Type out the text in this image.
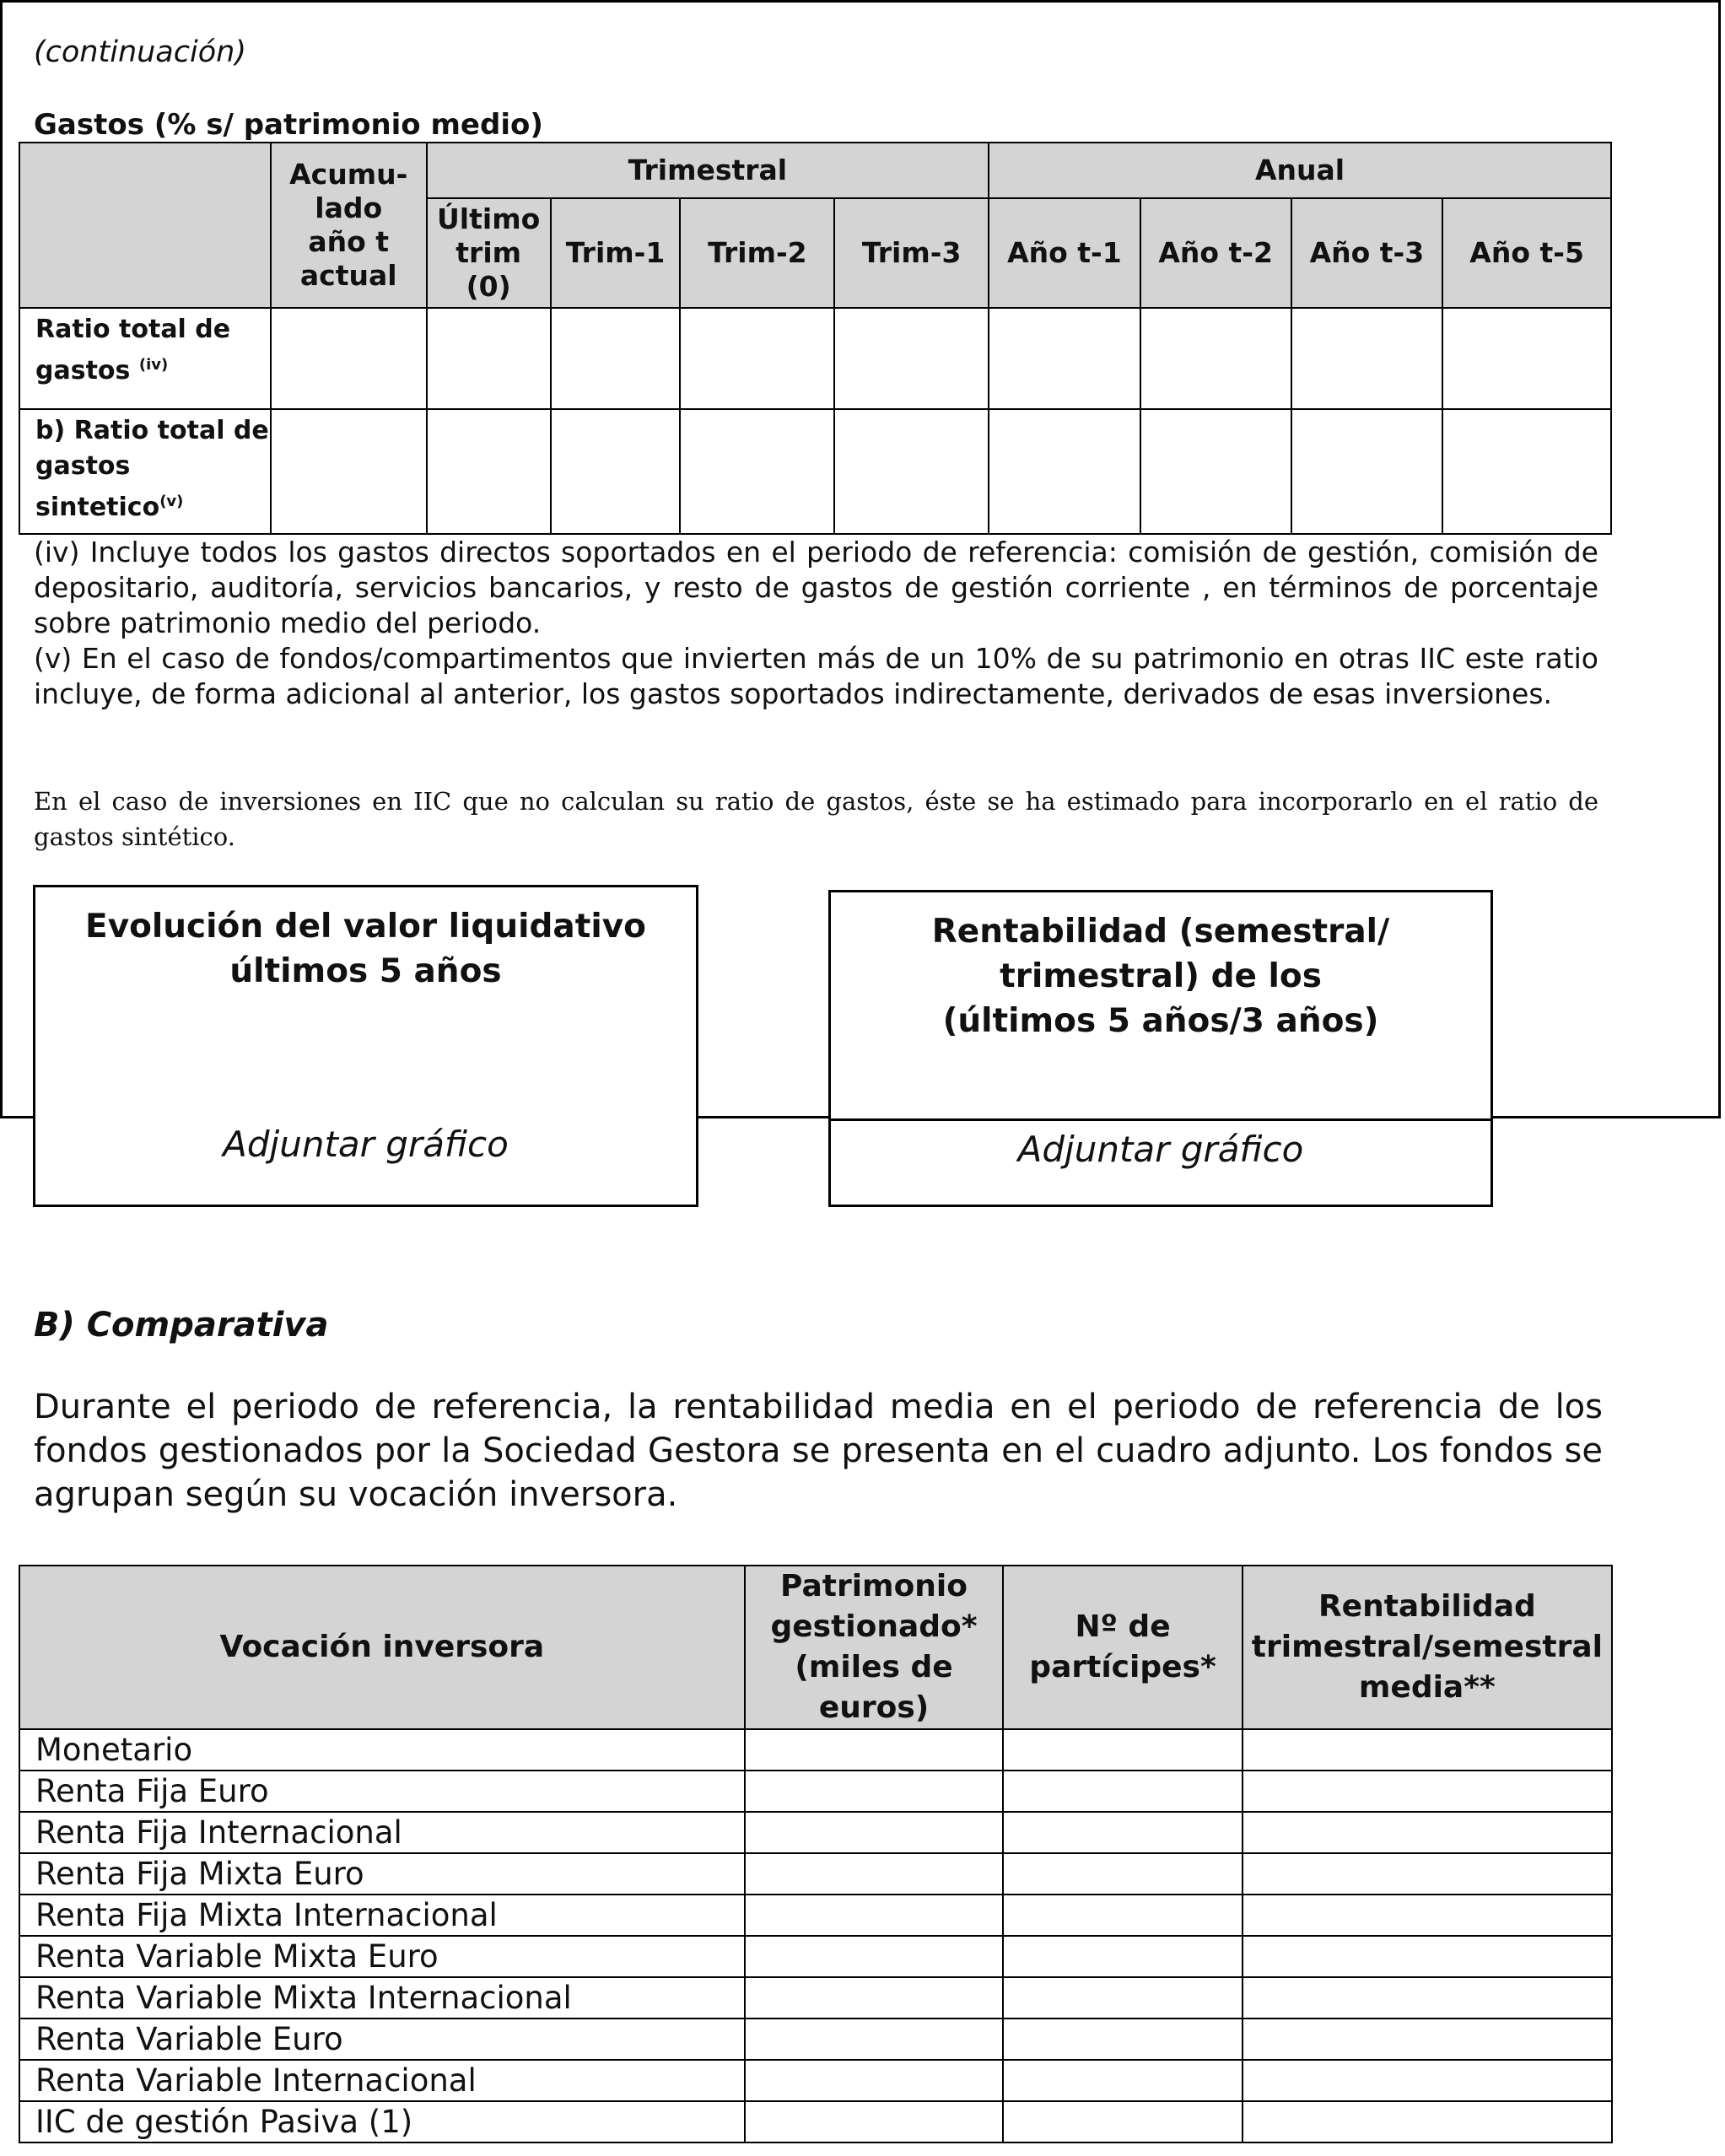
(continuación)
Gastos (% s/ patrimonio medio)
	Acumu-lado año t actual	Trimestral				Anual			
		Último trim (0)	Trim-1	Trim-2	Trim-3	Año t-1	Año t-2	Año t-3	Año t-5
Ratio total de gastos $^{(iv)}$									
b) Ratio total de gastos sintetico$^{(v)}$									

(iv) Incluye todos los gastos directos soportados en el periodo de referencia: comisión de gestión, comisión de depositario, auditoría, servicios bancarios, y resto de gastos de gestión corriente , en términos de porcentaje sobre patrimonio medio del periodo.

(v) En el caso de fondos/compartimentos que invierten más de un 10% de su patrimonio en otras IIC este ratio incluye, de forma adicional al anterior, los gastos soportados indirectamente, derivados de esas inversiones.

En el caso de inversiones en IIC que no calculan su ratio de gastos, éste se ha estimado para incorporarlo en el ratio de gastos sintético.
Evolución del valor liquidativo
últimos 5 años
Adjuntar gráfico
Rentabilidad (semestral/
trimestral) de los
(últimos 5 años/3 años)
Adjuntar gráfico
B) Comparativa
Durante el periodo de referencia, la rentabilidad media en el periodo de referencia de los fondos gestionados por la Sociedad Gestora se presenta en el cuadro adjunto. Los fondos se agrupan según su vocación inversora.
Vocación inversora	Patrimonio gestionado* (miles de euros)	Nº de partícipes*	Rentabilidad trimestral/semestral media**
Monetario			
Renta Fija Euro			
Renta Fija Internacional			
Renta Fija Mixta Euro			
Renta Fija Mixta Internacional			
Renta Variable Mixta Euro			
Renta Variable Mixta Internacional			
Renta Variable Euro			
Renta Variable Internacional			
IIC de gestión Pasiva (1)			
